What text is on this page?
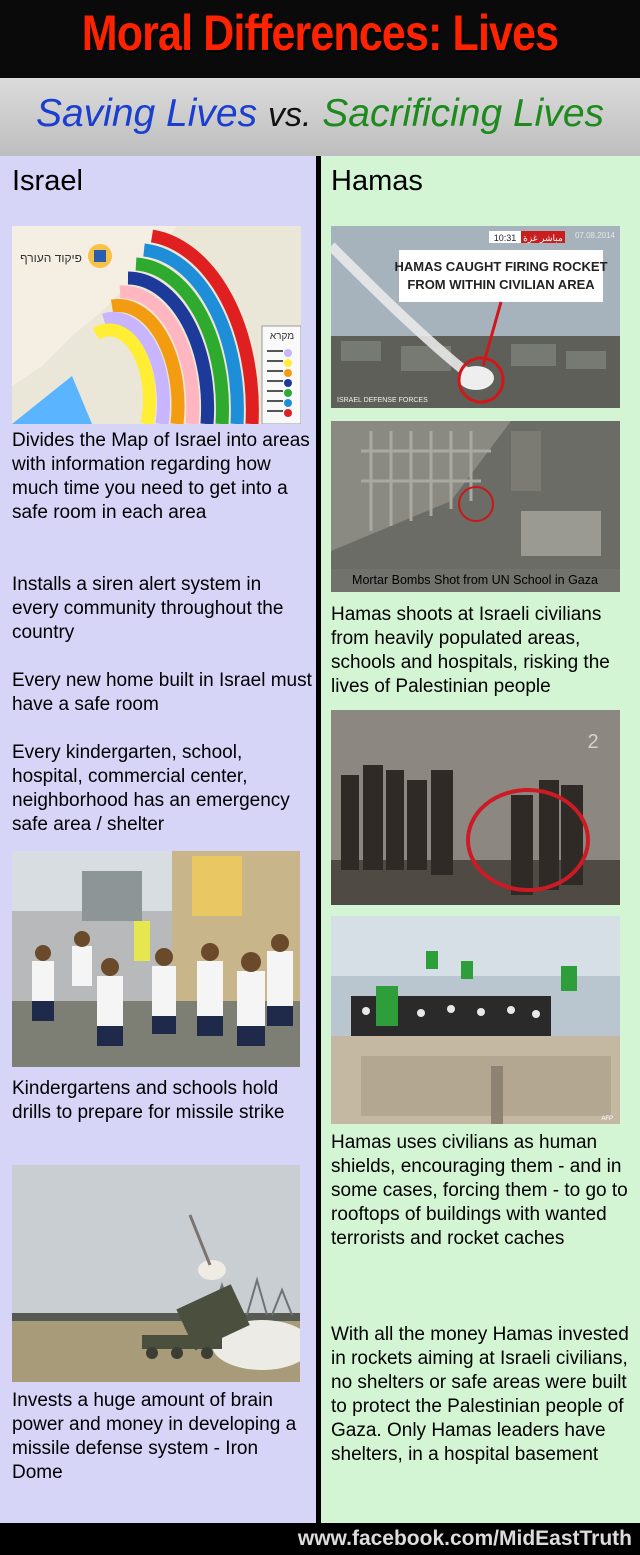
Moral Differences: Lives
Saving Lives vs. Sacrificing Lives
Israel
מקרא
פיקוד העורף
Divides the Map of Israel into areas with information regarding how much time you need to get into a safe room in each area
Installs a siren alert system in every community throughout the country
Every new home built in Israel must have a safe room
Every kindergarten, school, hospital, commercial center, neighborhood has an emergency safe area / shelter
Kindergartens and schools hold drills to prepare for missile strike
Invests a huge amount of brain power and money in developing a missile defense system - Iron Dome
Hamas
HAMAS CAUGHT FIRING ROCKET
FROM WITHIN CIVILIAN AREA
10:31 مباشر غزة 07.08.2014
ISRAEL DEFENSE FORCES
Mortar Bombs Shot from UN School in Gaza
Hamas shoots at Israeli civilians from heavily populated areas, schools and hospitals, risking the lives of Palestinian people
2
AFP
Hamas uses civilians as human shields, encouraging them - and in some cases, forcing them - to go to rooftops of buildings with wanted terrorists and rocket caches
With all the money Hamas invested in rockets aiming at Israeli civilians, no shelters or safe areas were built to protect the Palestinian people of Gaza. Only Hamas leaders have shelters, in a hospital basement
www.facebook.com/MidEastTruth
